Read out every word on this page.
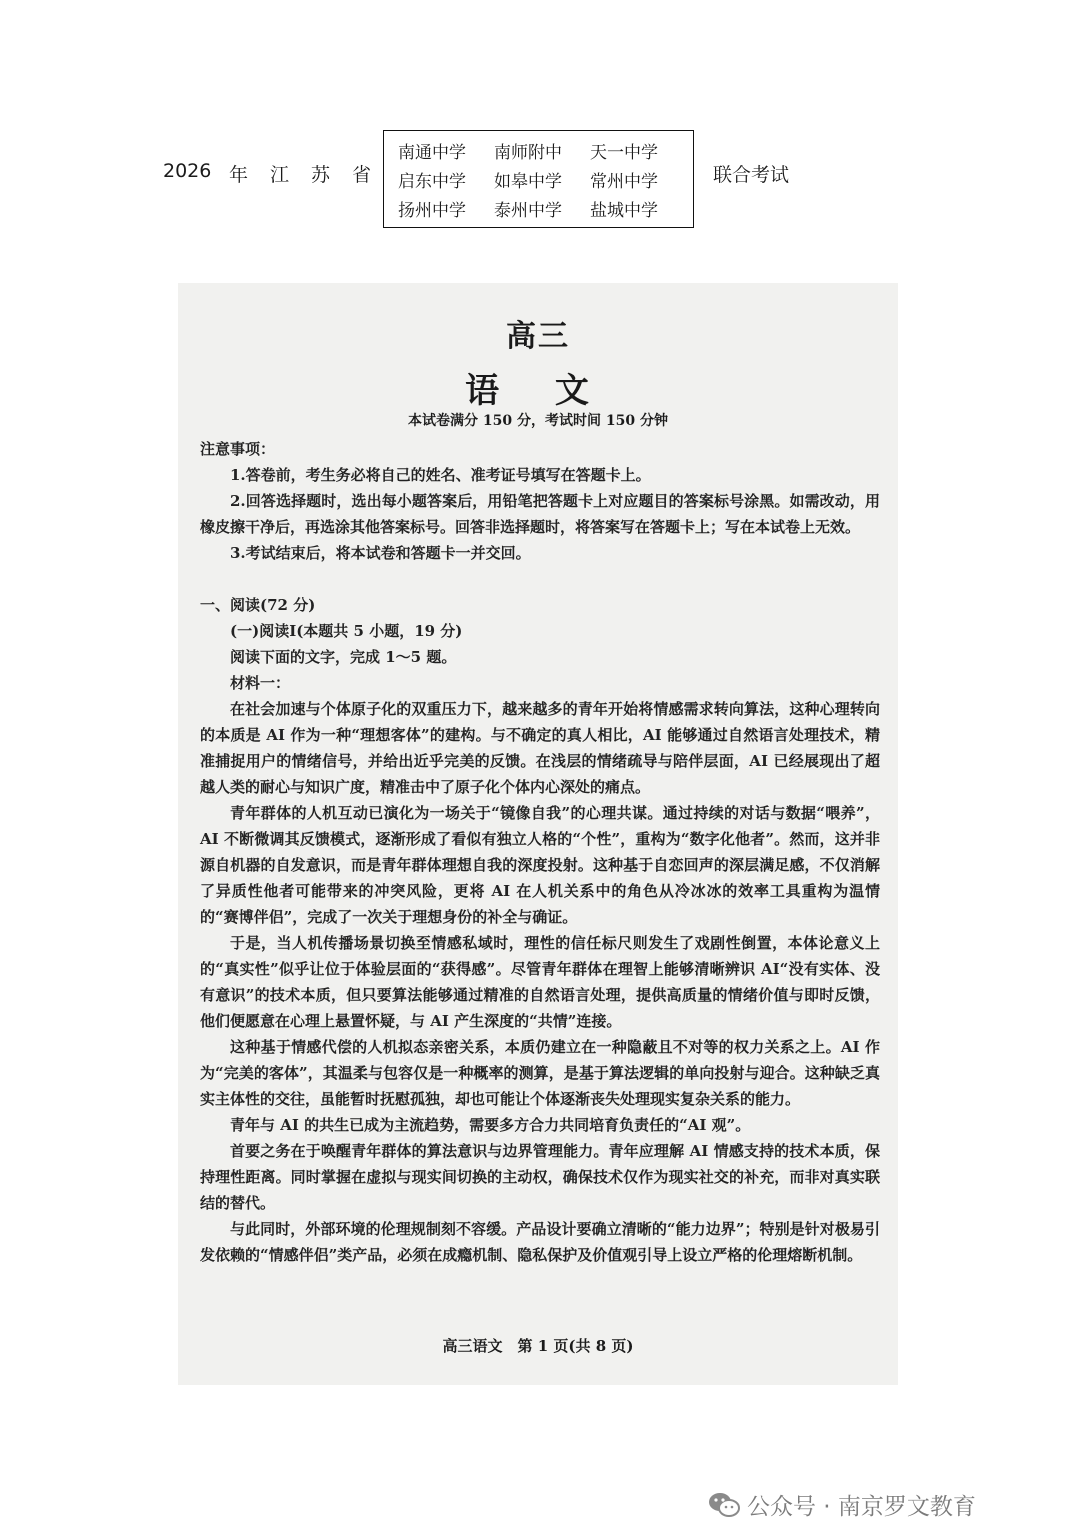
2026 年 江 苏 省
南通中学 南师附中 天一中学
启东中学 如皋中学 常州中学
扬州中学 泰州中学 盐城中学
联合考试
高三
语 文
本试卷满分 150 分，考试时间 150 分钟

注意事项：

1.答卷前，考生务必将自己的姓名、准考证号填写在答题卡上。

2.回答选择题时，选出每小题答案后，用铅笔把答题卡上对应题目的答案标号涂黑。如需改动，用橡皮擦干净后，再选涂其他答案标号。回答非选择题时，将答案写在答题卡上；写在本试卷上无效。

3.考试结束后，将本试卷和答题卡一并交回。

一、阅读(72 分)

(一)阅读Ⅰ(本题共 5 小题，19 分)

阅读下面的文字，完成 1～5 题。

材料一：

在社会加速与个体原子化的双重压力下，越来越多的青年开始将情感需求转向算法，这种心理转向的本质是 AI 作为一种“理想客体”的建构。与不确定的真人相比，AI 能够通过自然语言处理技术，精准捕捉用户的情绪信号，并给出近乎完美的反馈。在浅层的情绪疏导与陪伴层面，AI 已经展现出了超越人类的耐心与知识广度，精准击中了原子化个体内心深处的痛点。

青年群体的人机互动已演化为一场关于“镜像自我”的心理共谋。通过持续的对话与数据“喂养”，AI 不断微调其反馈模式，逐渐形成了看似有独立人格的“个性”，重构为“数字化他者”。然而，这并非源自机器的自发意识，而是青年群体理想自我的深度投射。这种基于自恋回声的深层满足感，不仅消解了异质性他者可能带来的冲突风险，更将 AI 在人机关系中的角色从冷冰冰的效率工具重构为温情的“赛博伴侣”，完成了一次关于理想身份的补全与确证。

于是，当人机传播场景切换至情感私域时，理性的信任标尺则发生了戏剧性倒置，本体论意义上的“真实性”似乎让位于体验层面的“获得感”。尽管青年群体在理智上能够清晰辨识 AI“没有实体、没有意识”的技术本质，但只要算法能够通过精准的自然语言处理，提供高质量的情绪价值与即时反馈，他们便愿意在心理上悬置怀疑，与 AI 产生深度的“共情”连接。

这种基于情感代偿的人机拟态亲密关系，本质仍建立在一种隐蔽且不对等的权力关系之上。AI 作为“完美的客体”，其温柔与包容仅是一种概率的测算，是基于算法逻辑的单向投射与迎合。这种缺乏真实主体性的交往，虽能暂时抚慰孤独，却也可能让个体逐渐丧失处理现实复杂关系的能力。

青年与 AI 的共生已成为主流趋势，需要多方合力共同培育负责任的“AI 观”。

首要之务在于唤醒青年群体的算法意识与边界管理能力。青年应理解 AI 情感支持的技术本质，保持理性距离。同时掌握在虚拟与现实间切换的主动权，确保技术仅作为现实社交的补充，而非对真实联结的替代。

与此同时，外部环境的伦理规制刻不容缓。产品设计要确立清晰的“能力边界”；特别是针对极易引发依赖的“情感伴侣”类产品，必须在成瘾机制、隐私保护及价值观引导上设立严格的伦理熔断机制。

高三语文　第 1 页(共 8 页)
公众号 · 南京罗文教育
